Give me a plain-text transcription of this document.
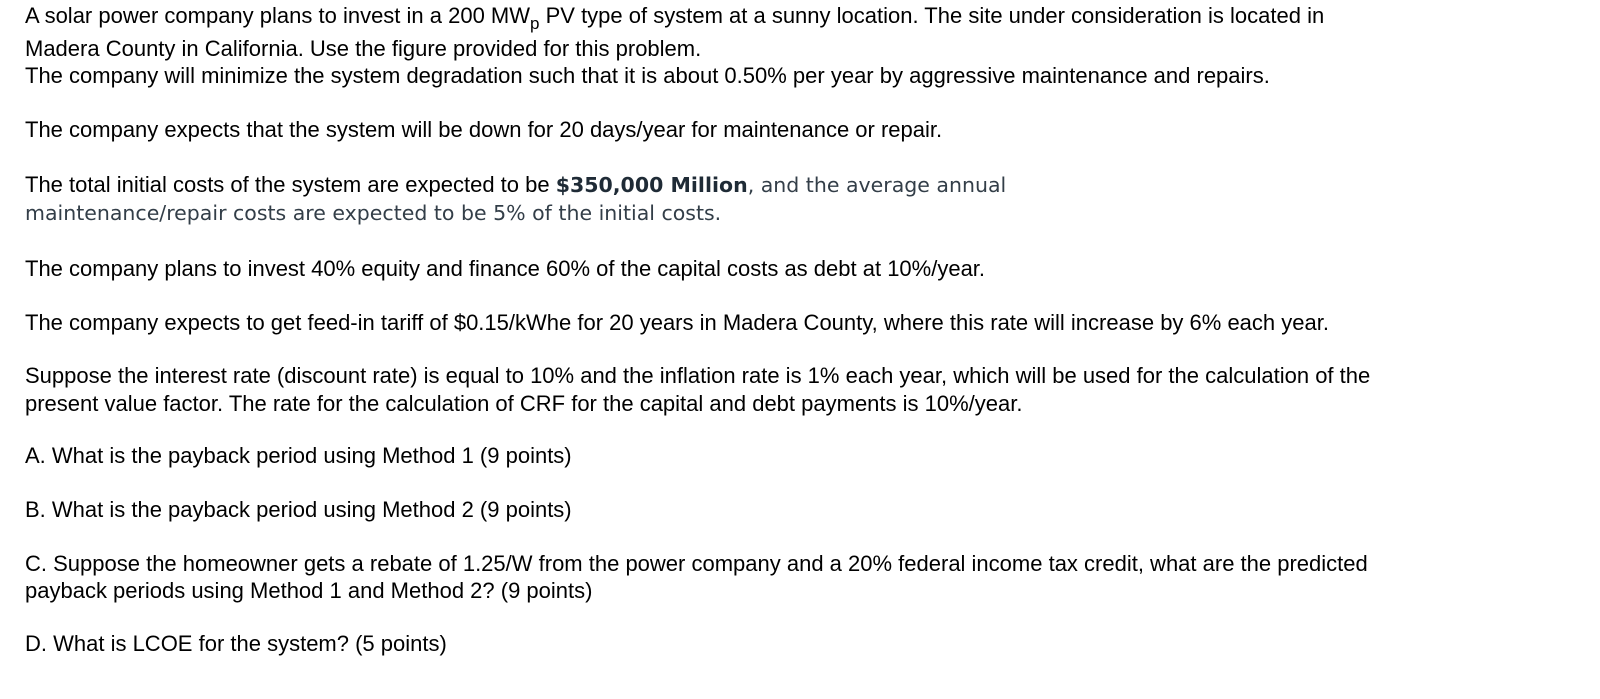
A solar power company plans to invest in a 200 $MW_p$ PV type of system at a sunny location. The site under consideration is located in

Madera County in California. Use the figure provided for this problem.

The company will minimize the system degradation such that it is about 0.50% per year by aggressive maintenance and repairs.

The company expects that the system will be down for 20 days/year for maintenance or repair.

The total initial costs of the system are expected to be $350,000 Million, and the average annual

maintenance/repair costs are expected to be 5% of the initial costs.

The company plans to invest 40% equity and finance 60% of the capital costs as debt at 10%/year.

The company expects to get feed-in tariff of $0.15/kWhe for 20 years in Madera County, where this rate will increase by 6% each year.

Suppose the interest rate (discount rate) is equal to 10% and the inflation rate is 1% each year, which will be used for the calculation of the

present value factor. The rate for the calculation of CRF for the capital and debt payments is 10%/year.

A. What is the payback period using Method 1 (9 points)

B. What is the payback period using Method 2 (9 points)

C. Suppose the homeowner gets a rebate of 1.25/W from the power company and a 20% federal income tax credit, what are the predicted

payback periods using Method 1 and Method 2? (9 points)

D. What is LCOE for the system? (5 points)
